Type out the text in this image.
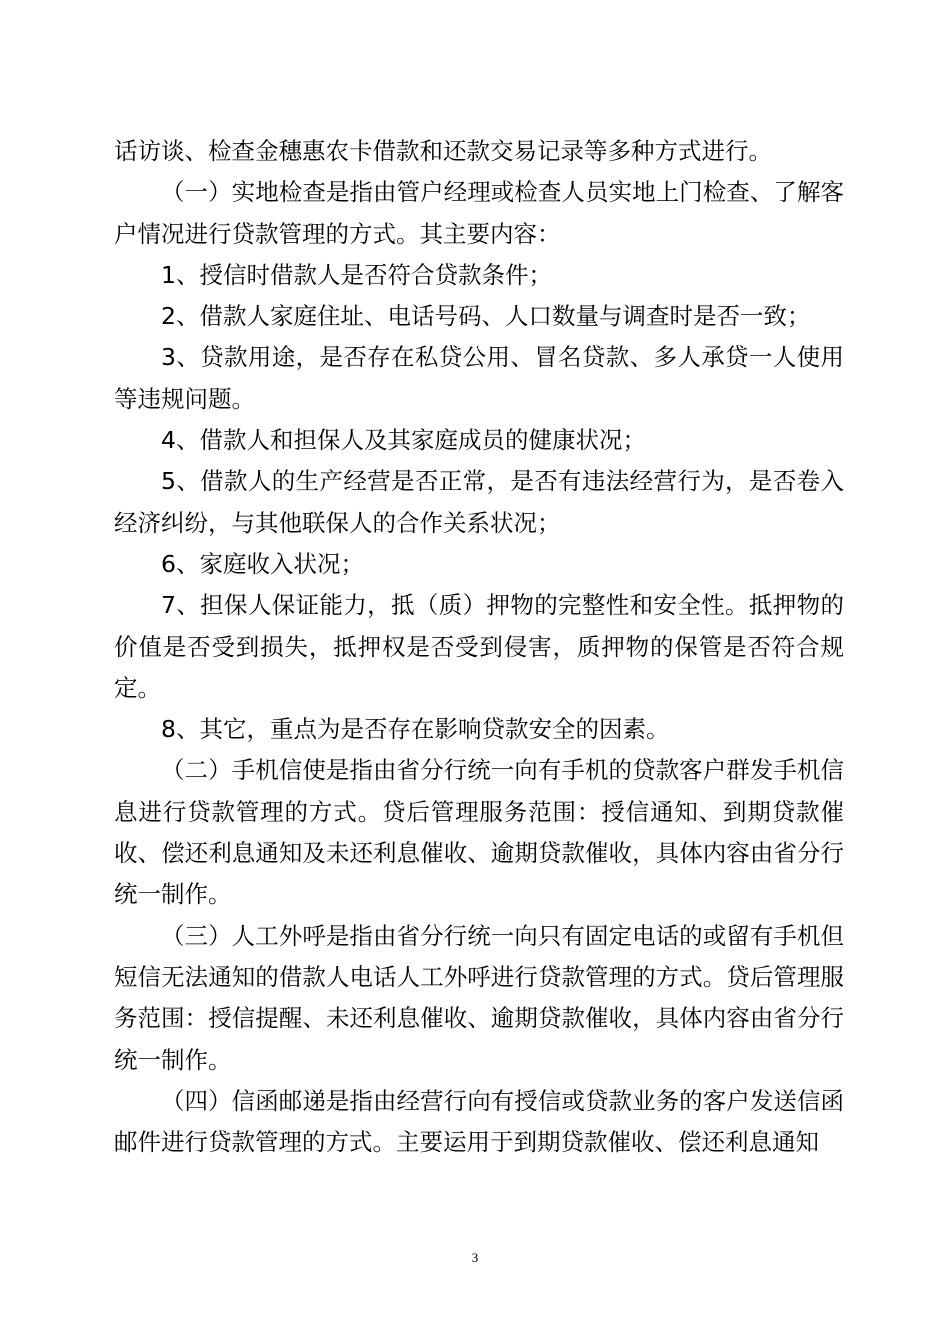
话访谈、检查金穗惠农卡借款和还款交易记录等多种方式进行。

（一）实地检查是指由管户经理或检查人员实地上门检查、了解客户情况进行贷款管理的方式。其主要内容：

1、授信时借款人是否符合贷款条件；

2、借款人家庭住址、电话号码、人口数量与调查时是否一致；

3、贷款用途，是否存在私贷公用、冒名贷款、多人承贷一人使用等违规问题。

4、借款人和担保人及其家庭成员的健康状况；

5、借款人的生产经营是否正常，是否有违法经营行为，是否卷入经济纠纷，与其他联保人的合作关系状况；

6、家庭收入状况；

7、担保人保证能力，抵（质）押物的完整性和安全性。抵押物的价值是否受到损失，抵押权是否受到侵害，质押物的保管是否符合规定。

8、其它，重点为是否存在影响贷款安全的因素。

（二）手机信使是指由省分行统一向有手机的贷款客户群发手机信息进行贷款管理的方式。贷后管理服务范围：授信通知、到期贷款催收、偿还利息通知及未还利息催收、逾期贷款催收，具体内容由省分行统一制作。

（三）人工外呼是指由省分行统一向只有固定电话的或留有手机但短信无法通知的借款人电话人工外呼进行贷款管理的方式。贷后管理服务范围：授信提醒、未还利息催收、逾期贷款催收，具体内容由省分行统一制作。

（四）信函邮递是指由经营行向有授信或贷款业务的客户发送信函邮件进行贷款管理的方式。主要运用于到期贷款催收、偿还利息通知

3
